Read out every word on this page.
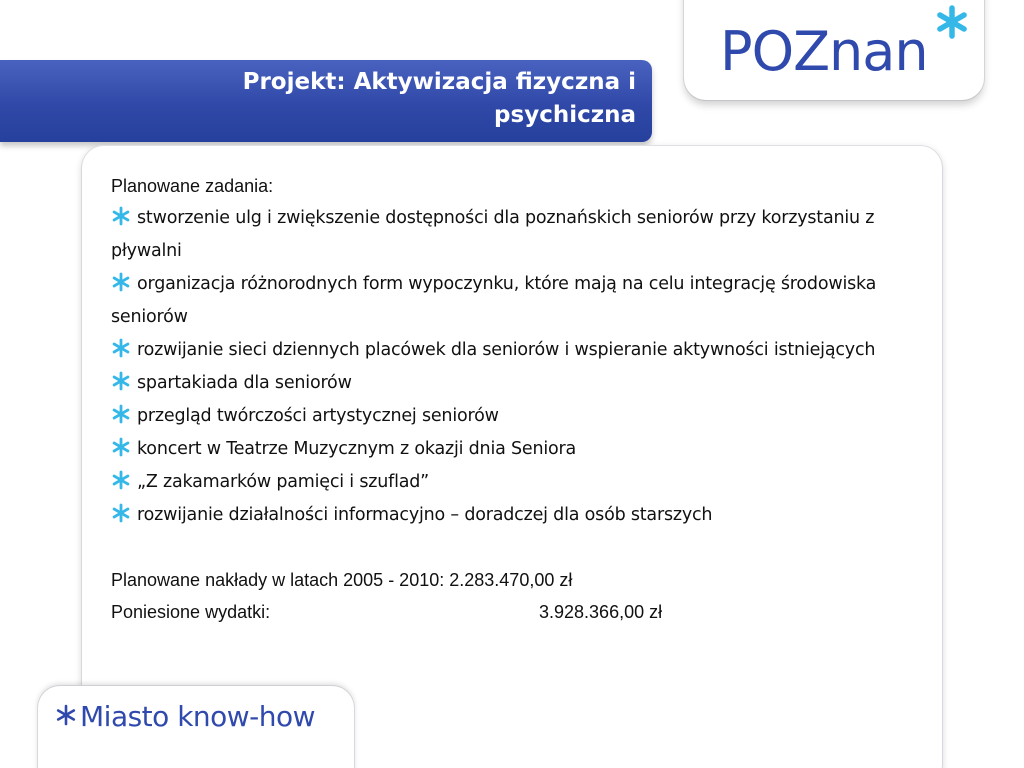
POZnan
Projekt: Aktywizacja fizyczna i psychiczna
Planowane zadania:
stworzenie ulg i zwiększenie dostępności dla poznańskich seniorów przy korzystaniu z pływalni
organizacja różnorodnych form wypoczynku, które mają na celu integrację środowiska seniorów
rozwijanie sieci dziennych placówek dla seniorów i wspieranie aktywności istniejących
spartakiada dla seniorów
przegląd twórczości artystycznej seniorów
koncert w Teatrze Muzycznym z okazji dnia Seniora
„Z zakamarków pamięci i szuflad”
rozwijanie działalności informacyjno – doradczej dla osób starszych
Planowane nakłady w latach 2005 - 2010: 2.283.470,00 zł
Poniesione wydatki:	3.928.366,00 zł
Miasto know-how
